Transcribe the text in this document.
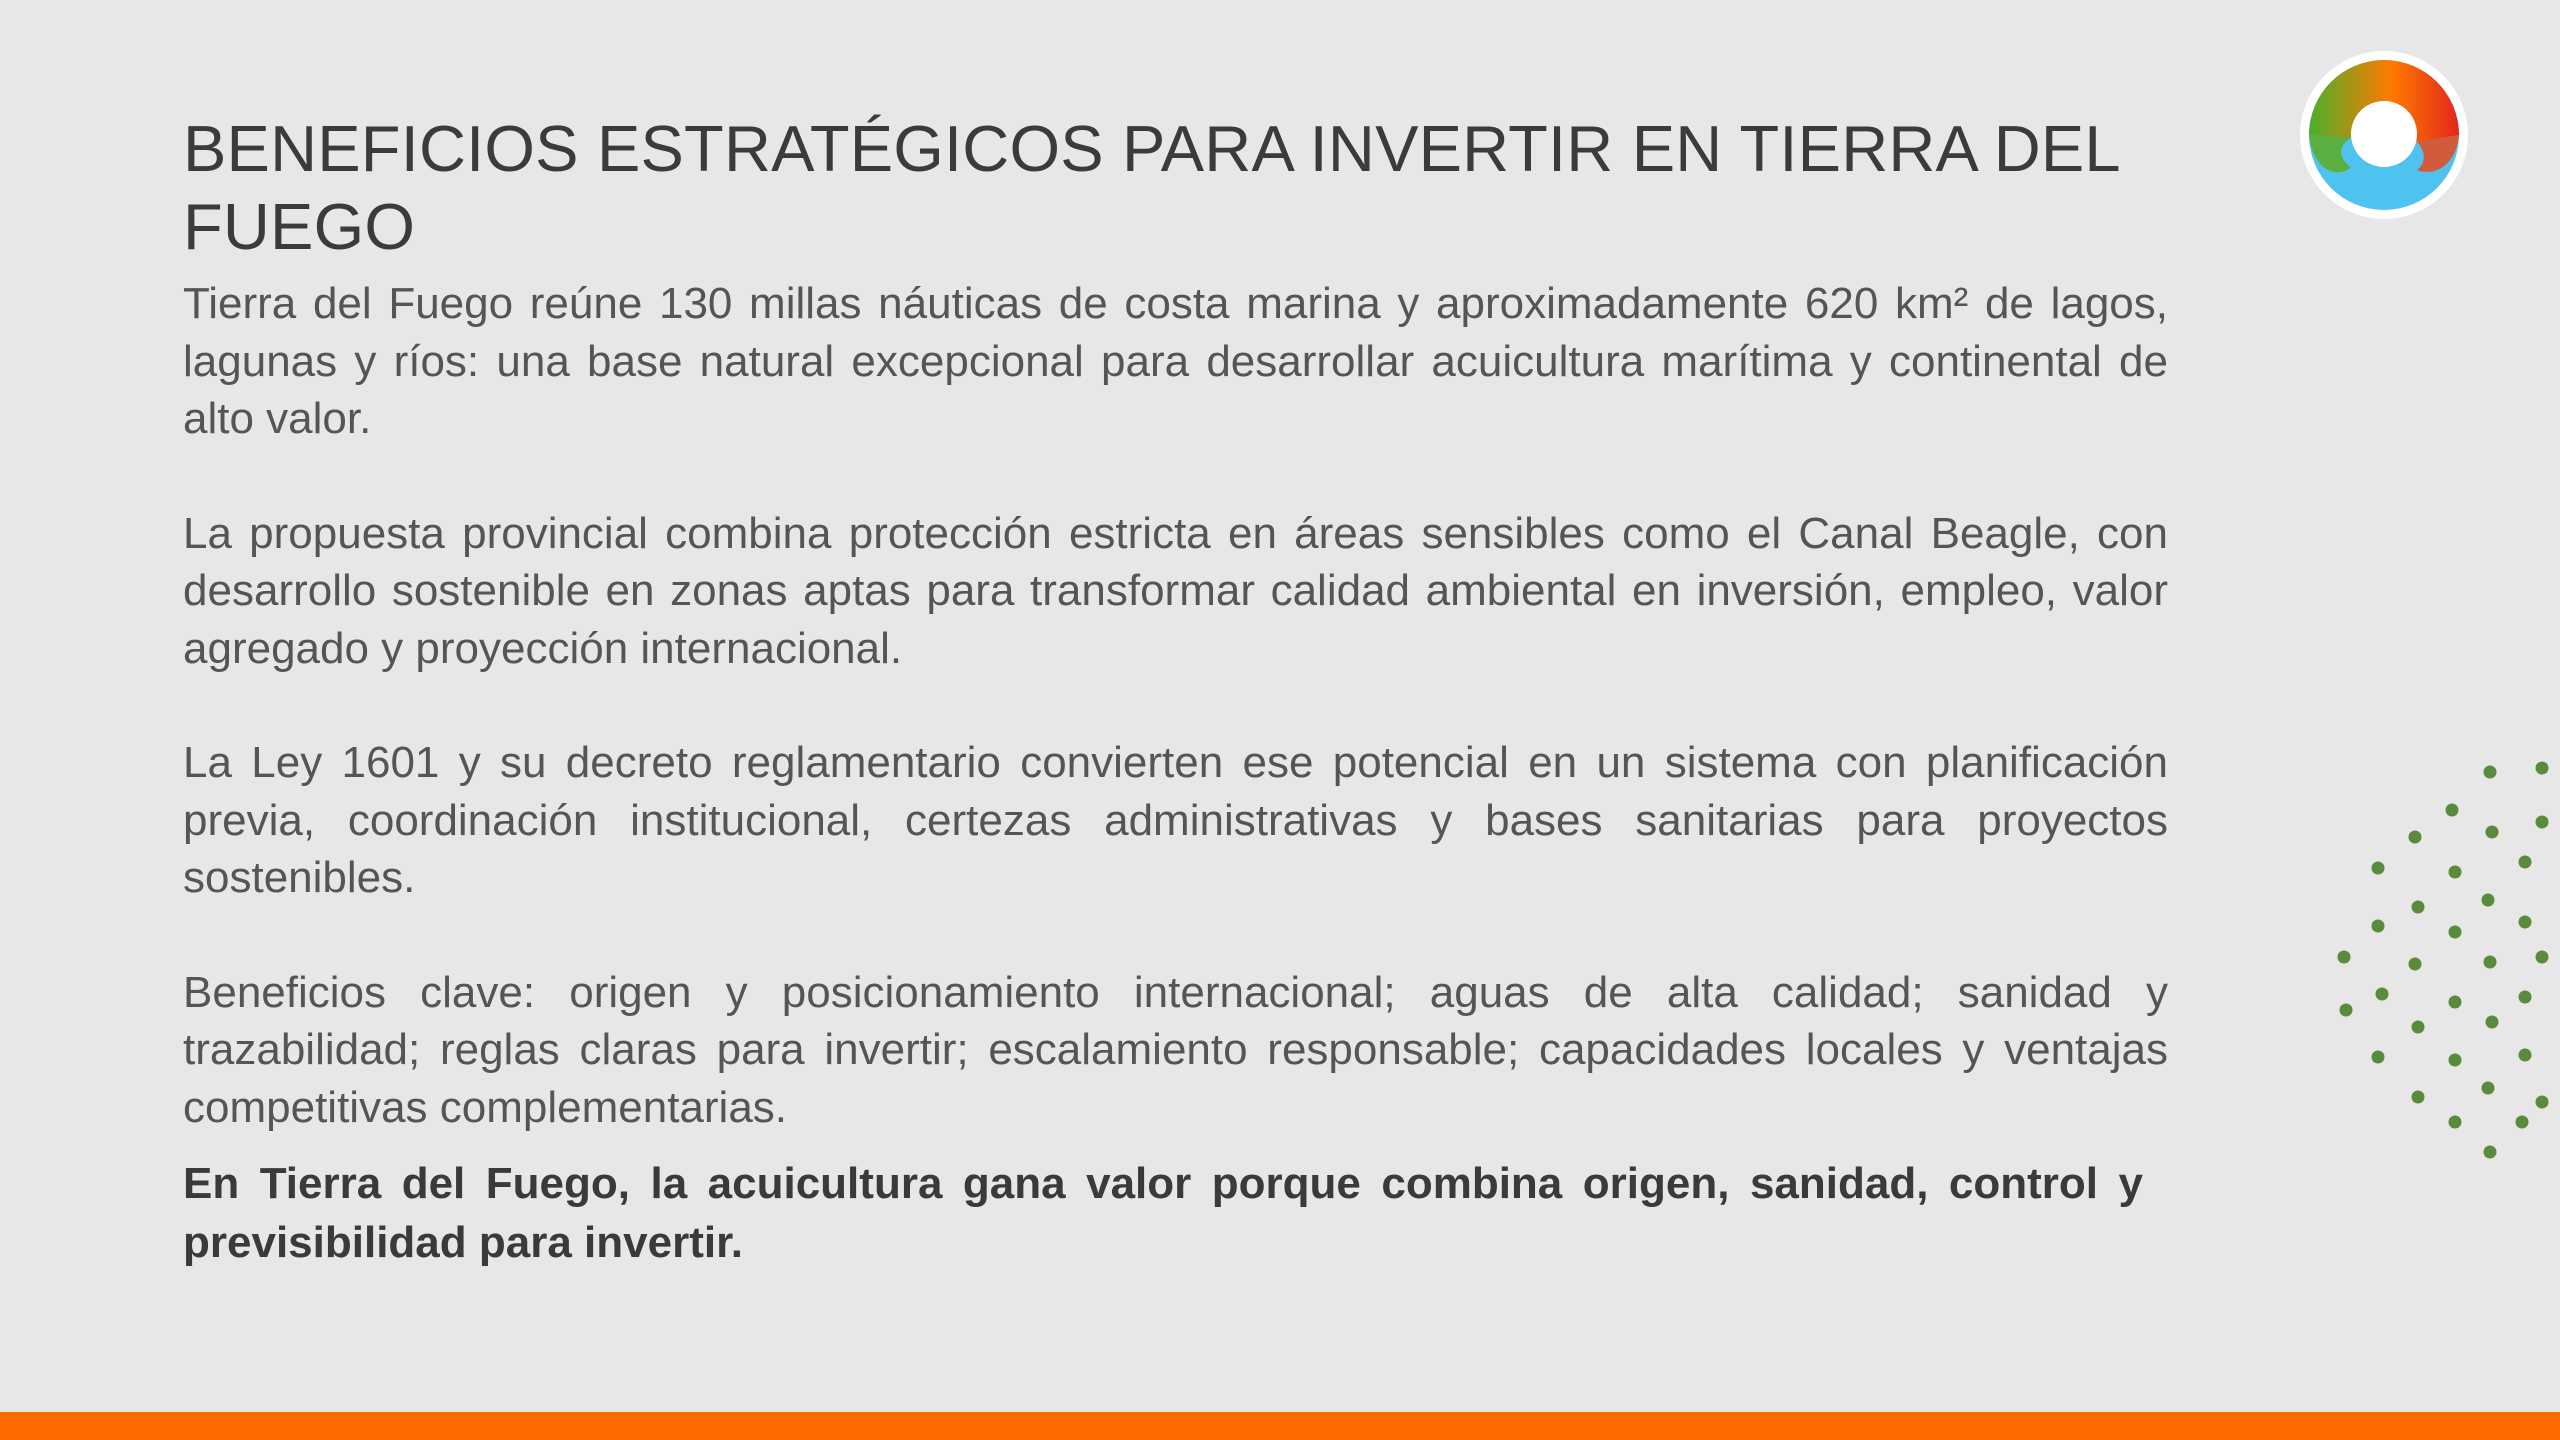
BENEFICIOS ESTRATÉGICOS PARA INVERTIR EN TIERRA DEL FUEGO

Tierra del Fuego reúne 130 millas náuticas de costa marina y aproximadamente 620 km² de lagos, lagunas y ríos: una base natural excepcional para desarrollar acuicultura marítima y continental de alto valor.

La propuesta provincial combina protección estricta en áreas sensibles como el Canal Beagle, con desarrollo sostenible en zonas aptas para transformar calidad ambiental en inversión, empleo, valor agregado y proyección internacional.

La Ley 1601 y su decreto reglamentario convierten ese potencial en un sistema con planificación previa, coordinación institucional, certezas administrativas y bases sanitarias para proyectos sostenibles.

Beneficios clave: origen y posicionamiento internacional; aguas de alta calidad; sanidad y trazabilidad; reglas claras para invertir; escalamiento responsable; capacidades locales y ventajas competitivas complementarias.

En Tierra del Fuego, la acuicultura gana valor porque combina origen, sanidad, control y previsibilidad para invertir.
